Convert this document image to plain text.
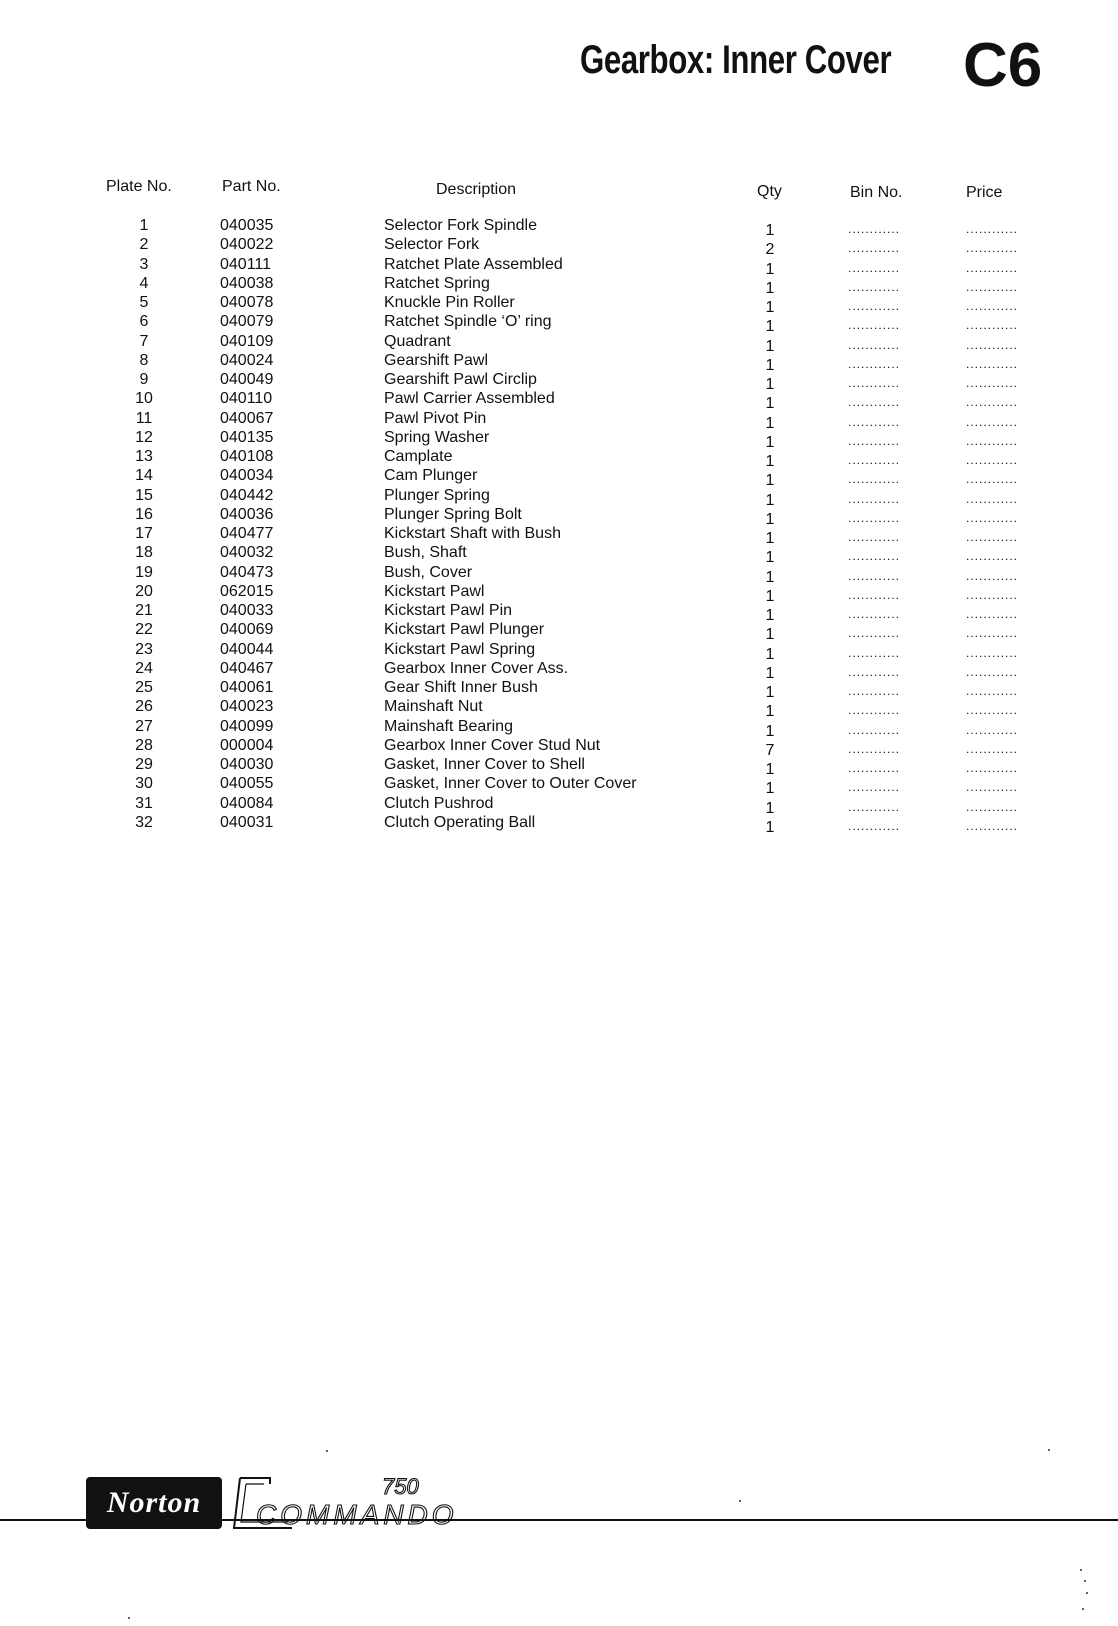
Gearbox: Inner Cover C6
Plate No.	Part No.	Description	Qty	Bin No.	Price
1	040035	Selector Fork Spindle	1	............	............
2	040022	Selector Fork	2	............	............
3	040111	Ratchet Plate Assembled	1	............	............
4	040038	Ratchet Spring	1	............	............
5	040078	Knuckle Pin Roller	1	............	............
6	040079	Ratchet Spindle ‘O’ ring	1	............	............
7	040109	Quadrant	1	............	............
8	040024	Gearshift Pawl	1	............	............
9	040049	Gearshift Pawl Circlip	1	............	............
10	040110	Pawl Carrier Assembled	1	............	............
11	040067	Pawl Pivot Pin	1	............	............
12	040135	Spring Washer	1	............	............
13	040108	Camplate	1	............	............
14	040034	Cam Plunger	1	............	............
15	040442	Plunger Spring	1	............	............
16	040036	Plunger Spring Bolt	1	............	............
17	040477	Kickstart Shaft with Bush	1	............	............
18	040032	Bush, Shaft	1	............	............
19	040473	Bush, Cover	1	............	............
20	062015	Kickstart Pawl	1	............	............
21	040033	Kickstart Pawl Pin	1	............	............
22	040069	Kickstart Pawl Plunger	1	............	............
23	040044	Kickstart Pawl Spring	1	............	............
24	040467	Gearbox Inner Cover Ass.	1	............	............
25	040061	Gear Shift Inner Bush	1	............	............
26	040023	Mainshaft Nut	1	............	............
27	040099	Mainshaft Bearing	1	............	............
28	000004	Gearbox Inner Cover Stud Nut	7	............	............
29	040030	Gasket, Inner Cover to Shell	1	............	............
30	040055	Gasket, Inner Cover to Outer Cover	1	............	............
31	040084	Clutch Pushrod	1	............	............
32	040031	Clutch Operating Ball	1	............	............
Norton	750
COMMANDO
